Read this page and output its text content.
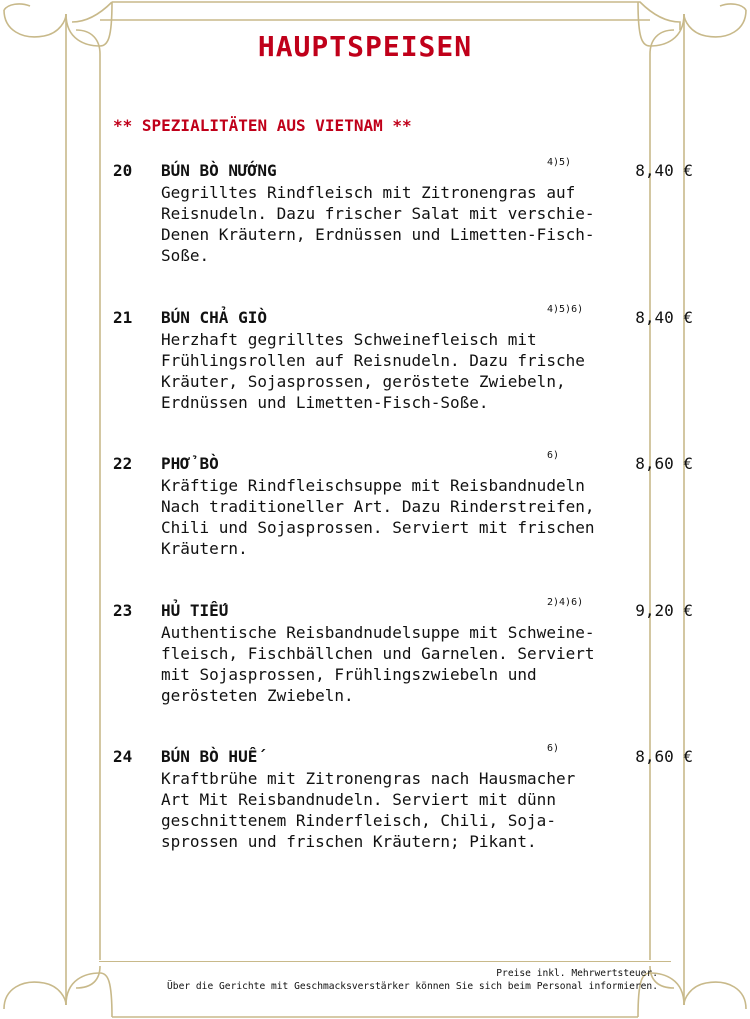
HAUPTSPEISEN
** SPEZIALITÄTEN AUS VIETNAM **
20 BÚN BÒ NƯỚNG	4)5)	8,40 €
Gegrilltes Rindfleisch mit Zitronengras auf
Reisnudeln. Dazu frischer Salat mit verschie-
Denen Kräutern, Erdnüssen und Limetten-Fisch-
Soße.
21 BÚN CHẢ GIÒ	4)5)6)	8,40 €
Herzhaft gegrilltes Schweinefleisch mit
Frühlingsrollen auf Reisnudeln. Dazu frische
Kräuter, Sojasprossen, geröstete Zwiebeln,
Erdnüssen und Limetten-Fisch-Soße.
22 PHỞ BÒ	6)	8,60 €
Kräftige Rindfleischsuppe mit Reisbandnudeln
Nach traditioneller Art. Dazu Rinderstreifen,
Chili und Sojasprossen. Serviert mit frischen
Kräutern.
23 HỦ TIẾU	2)4)6)	9,20 €
Authentische Reisbandnudelsuppe mit Schweine-
fleisch, Fischbällchen und Garnelen. Serviert
mit Sojasprossen, Frühlingszwiebeln und
gerösteten Zwiebeln.
24 BÚN BÒ HUẾ	6)	8,60 €
Kraftbrühe mit Zitronengras nach Hausmacher
Art Mit Reisbandnudeln. Serviert mit dünn
geschnittenem Rinderfleisch, Chili, Soja-
sprossen und frischen Kräutern; Pikant.
Preise inkl. Mehrwertsteuer.
Über die Gerichte mit Geschmacksverstärker können Sie sich beim Personal informieren.
